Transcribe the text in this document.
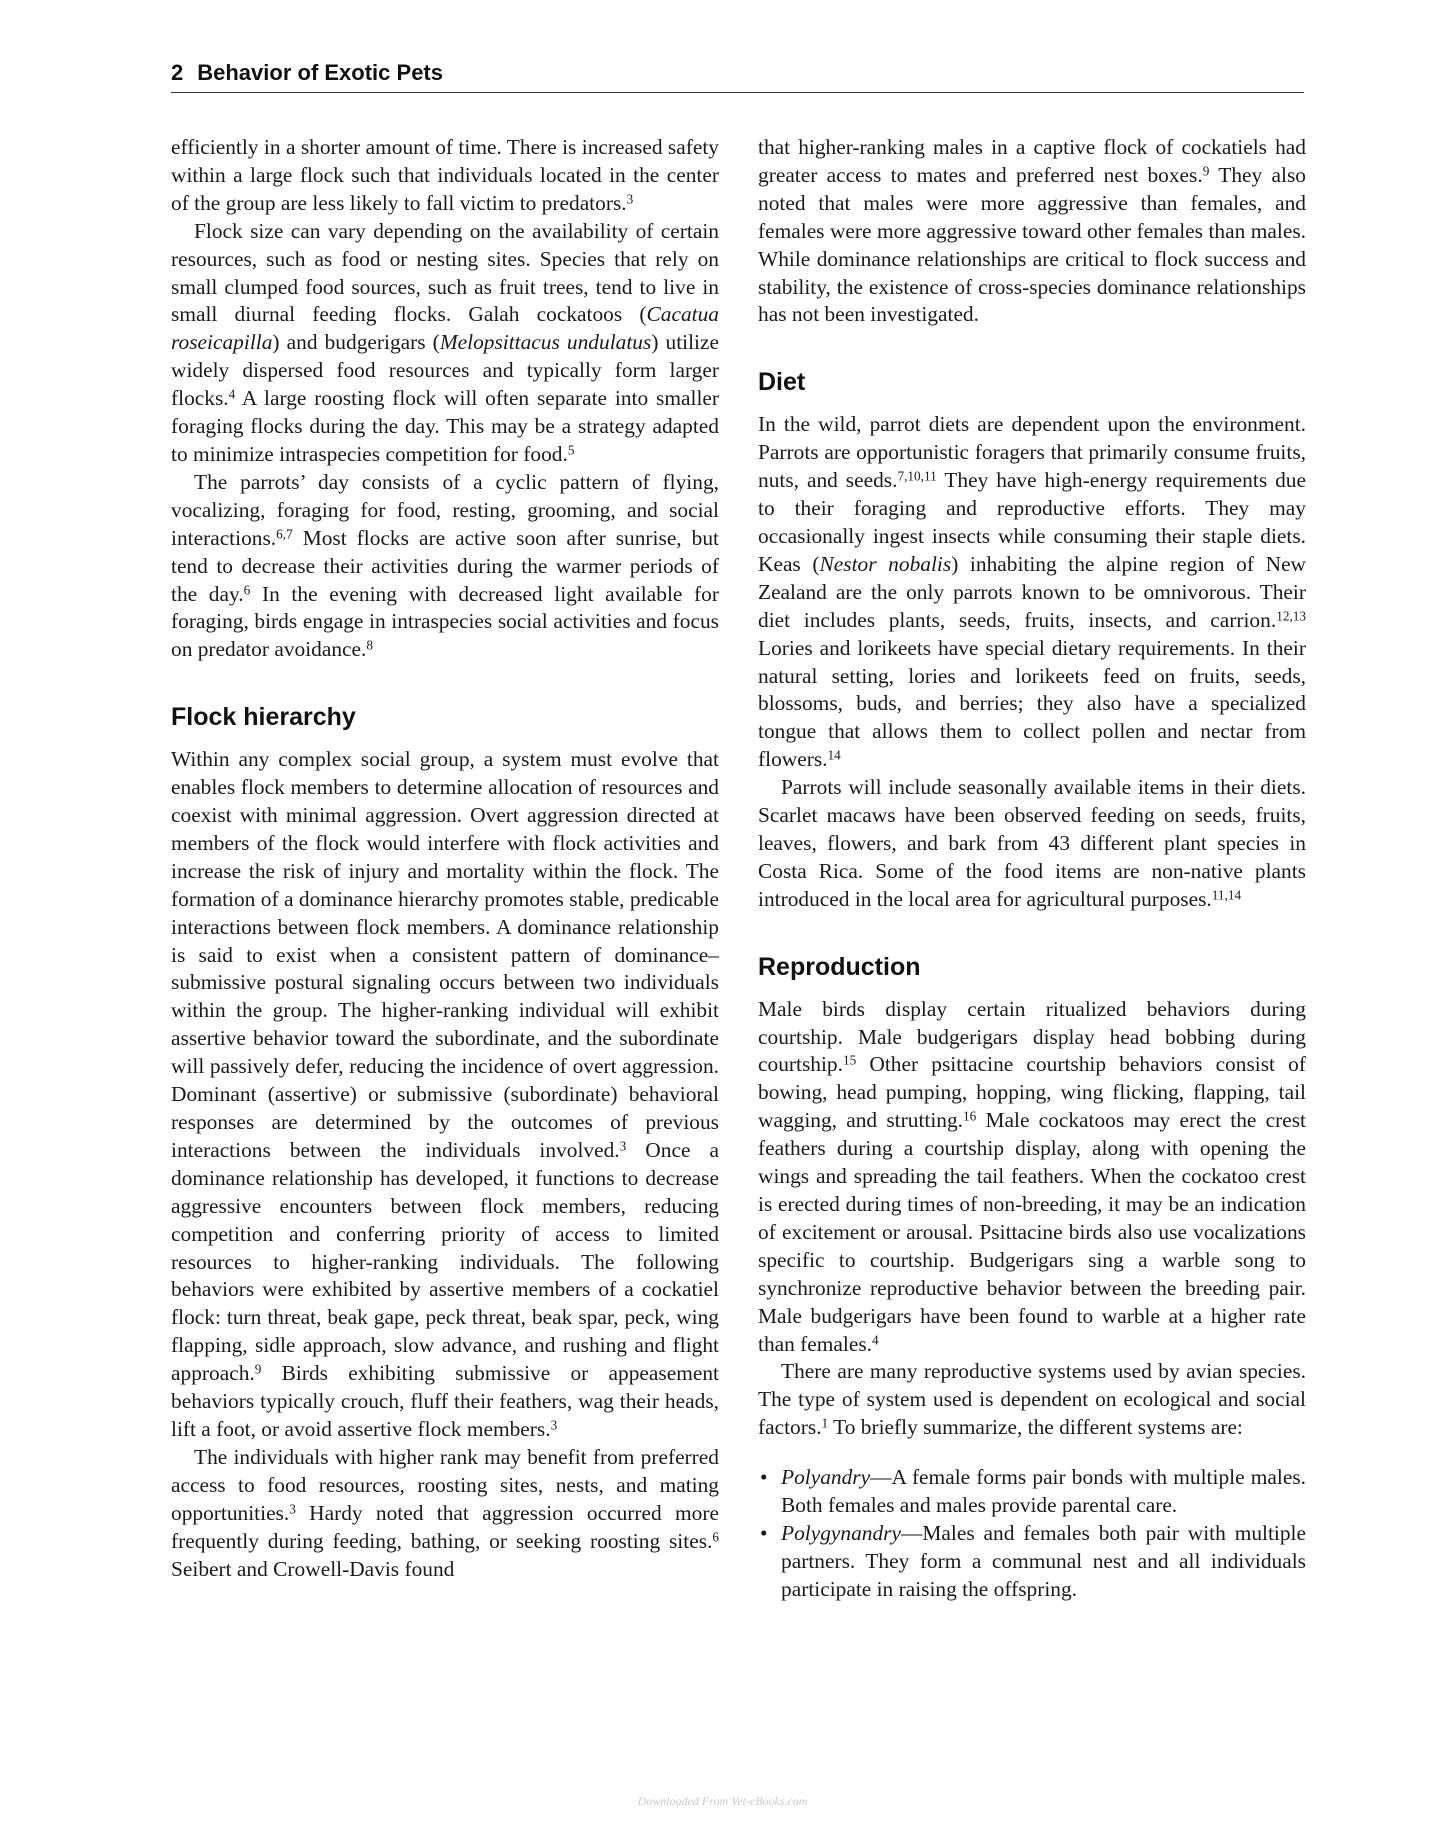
2 Behavior of Exotic Pets

efficiently in a shorter amount of time. There is increased safety within a large flock such that individuals located in the center of the group are less likely to fall victim to predators.$^3$

Flock size can vary depending on the availability of certain resources, such as food or nesting sites. Species that rely on small clumped food sources, such as fruit trees, tend to live in small diurnal feeding flocks. Galah cockatoos (Cacatua roseicapilla) and budgerigars (Melopsittacus undulatus) utilize widely dispersed food resources and typically form larger flocks.$^4$ A large roosting flock will often separate into smaller foraging flocks during the day. This may be a strategy adapted to minimize intraspecies competition for food.$^5$

The parrots’ day consists of a cyclic pattern of flying, vocalizing, foraging for food, resting, grooming, and social interactions.$^{6,7}$ Most flocks are active soon after sunrise, but tend to decrease their activities during the warmer periods of the day.$^6$ In the evening with decreased light available for foraging, birds engage in intraspecies social activities and focus on predator avoidance.$^8$

Flock hierarchy

Within any complex social group, a system must evolve that enables flock members to determine allocation of resources and coexist with minimal aggression. Overt aggression directed at members of the flock would interfere with flock activities and increase the risk of injury and mortality within the flock. The formation of a dominance hierarchy promotes stable, predicable interactions between flock members. A dominance relationship is said to exist when a consistent pattern of dominance–submissive postural signaling occurs between two individuals within the group. The higher-ranking individual will exhibit assertive behavior toward the subordinate, and the subordinate will passively defer, reducing the incidence of overt aggression. Dominant (assertive) or submissive (subordinate) behavioral responses are determined by the outcomes of previous interactions between the individuals involved.$^3$ Once a dominance relationship has developed, it functions to decrease aggressive encounters between flock members, reducing competition and conferring priority of access to limited resources to higher-ranking individuals. The following behaviors were exhibited by assertive members of a cockatiel flock: turn threat, beak gape, peck threat, beak spar, peck, wing flapping, sidle approach, slow advance, and rushing and flight approach.$^9$ Birds exhibiting submissive or appeasement behaviors typically crouch, fluff their feathers, wag their heads, lift a foot, or avoid assertive flock members.$^3$

The individuals with higher rank may benefit from preferred access to food resources, roosting sites, nests, and mating opportunities.$^3$ Hardy noted that aggression occurred more frequently during feeding, bathing, or seeking roosting sites.$^6$ Seibert and Crowell-Davis found

that higher-ranking males in a captive flock of cockatiels had greater access to mates and preferred nest boxes.$^9$ They also noted that males were more aggressive than females, and females were more aggressive toward other females than males. While dominance relationships are critical to flock success and stability, the existence of cross-species dominance relationships has not been investigated.

Diet

In the wild, parrot diets are dependent upon the environment. Parrots are opportunistic foragers that primarily consume fruits, nuts, and seeds.$^{7,10,11}$ They have high-energy requirements due to their foraging and reproductive efforts. They may occasionally ingest insects while consuming their staple diets. Keas (Nestor nobalis) inhabiting the alpine region of New Zealand are the only parrots known to be omnivorous. Their diet includes plants, seeds, fruits, insects, and carrion.$^{12,13}$ Lories and lorikeets have special dietary requirements. In their natural setting, lories and lorikeets feed on fruits, seeds, blossoms, buds, and berries; they also have a specialized tongue that allows them to collect pollen and nectar from flowers.$^{14}$

Parrots will include seasonally available items in their diets. Scarlet macaws have been observed feeding on seeds, fruits, leaves, flowers, and bark from 43 different plant species in Costa Rica. Some of the food items are non-native plants introduced in the local area for agricultural purposes.$^{11,14}$

Reproduction

Male birds display certain ritualized behaviors during courtship. Male budgerigars display head bobbing during courtship.$^{15}$ Other psittacine courtship behaviors consist of bowing, head pumping, hopping, wing flicking, flapping, tail wagging, and strutting.$^{16}$ Male cockatoos may erect the crest feathers during a courtship display, along with opening the wings and spreading the tail feathers. When the cockatoo crest is erected during times of non-breeding, it may be an indication of excitement or arousal. Psittacine birds also use vocalizations specific to courtship. Budgerigars sing a warble song to synchronize reproductive behavior between the breeding pair. Male budgerigars have been found to warble at a higher rate than females.$^4$

There are many reproductive systems used by avian species. The type of system used is dependent on ecological and social factors.$^1$ To briefly summarize, the different systems are:

• Polyandry—A female forms pair bonds with multiple males. Both females and males provide parental care.
• Polygynandry—Males and females both pair with multiple partners. They form a communal nest and all individuals participate in raising the offspring.
Downloaded From Vet-eBooks.com
